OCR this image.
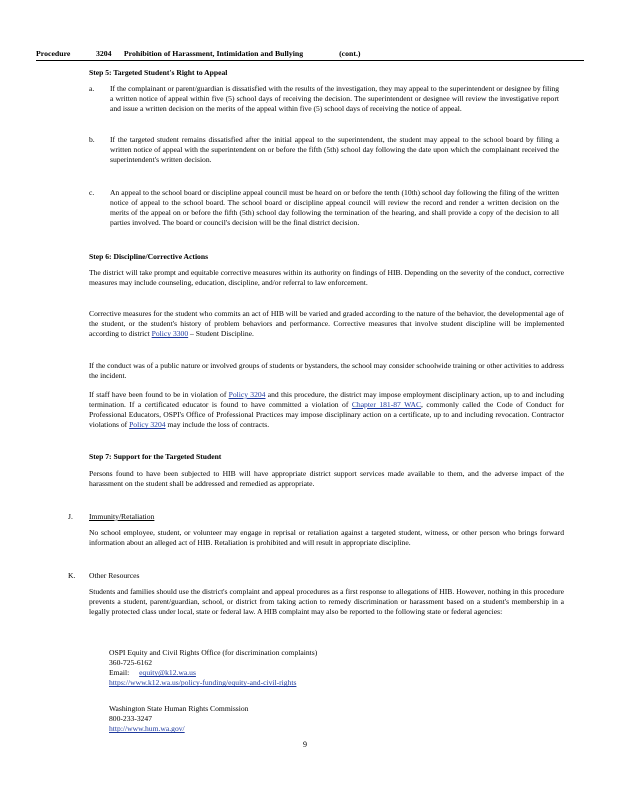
Procedure	3204 Prohibition of Harassment, Intimidation and Bullying	(cont.)
Step 5: Targeted Student's Right to Appeal
a. If the complainant or parent/guardian is dissatisfied with the results of the investigation, they may appeal to the superintendent or designee by filing a written notice of appeal within five (5) school days of receiving the decision. The superintendent or designee will review the investigative report and issue a written decision on the merits of the appeal within five (5) school days of receiving the notice of appeal.
b. If the targeted student remains dissatisfied after the initial appeal to the superintendent, the student may appeal to the school board by filing a written notice of appeal with the superintendent on or before the fifth (5th) school day following the date upon which the complainant received the superintendent's written decision.
c. An appeal to the school board or discipline appeal council must be heard on or before the tenth (10th) school day following the filing of the written notice of appeal to the school board. The school board or discipline appeal council will review the record and render a written decision on the merits of the appeal on or before the fifth (5th) school day following the termination of the hearing, and shall provide a copy of the decision to all parties involved. The board or council's decision will be the final district decision.
Step 6: Discipline/Corrective Actions
The district will take prompt and equitable corrective measures within its authority on findings of HIB. Depending on the severity of the conduct, corrective measures may include counseling, education, discipline, and/or referral to law enforcement.
Corrective measures for the student who commits an act of HIB will be varied and graded according to the nature of the behavior, the developmental age of the student, or the student's history of problem behaviors and performance. Corrective measures that involve student discipline will be implemented according to district Policy 3300 – Student Discipline.
If the conduct was of a public nature or involved groups of students or bystanders, the school may consider schoolwide training or other activities to address the incident.
If staff have been found to be in violation of Policy 3204 and this procedure, the district may impose employment disciplinary action, up to and including termination. If a certificated educator is found to have committed a violation of Chapter 181-87 WAC, commonly called the Code of Conduct for Professional Educators, OSPI's Office of Professional Practices may impose disciplinary action on a certificate, up to and including revocation. Contractor violations of Policy 3204 may include the loss of contracts.
Step 7: Support for the Targeted Student
Persons found to have been subjected to HIB will have appropriate district support services made available to them, and the adverse impact of the harassment on the student shall be addressed and remedied as appropriate.
J. Immunity/Retaliation
No school employee, student, or volunteer may engage in reprisal or retaliation against a targeted student, witness, or other person who brings forward information about an alleged act of HIB. Retaliation is prohibited and will result in appropriate discipline.
K. Other Resources
Students and families should use the district's complaint and appeal procedures as a first response to allegations of HIB. However, nothing in this procedure prevents a student, parent/guardian, school, or district from taking action to remedy discrimination or harassment based on a student's membership in a legally protected class under local, state or federal law. A HIB complaint may also be reported to the following state or federal agencies:
OSPI Equity and Civil Rights Office (for discrimination complaints)
360-725-6162
Email: equity@k12.wa.us
https://www.k12.wa.us/policy-funding/equity-and-civil-rights
Washington State Human Rights Commission
800-233-3247
http://www.hum.wa.gov/
9
